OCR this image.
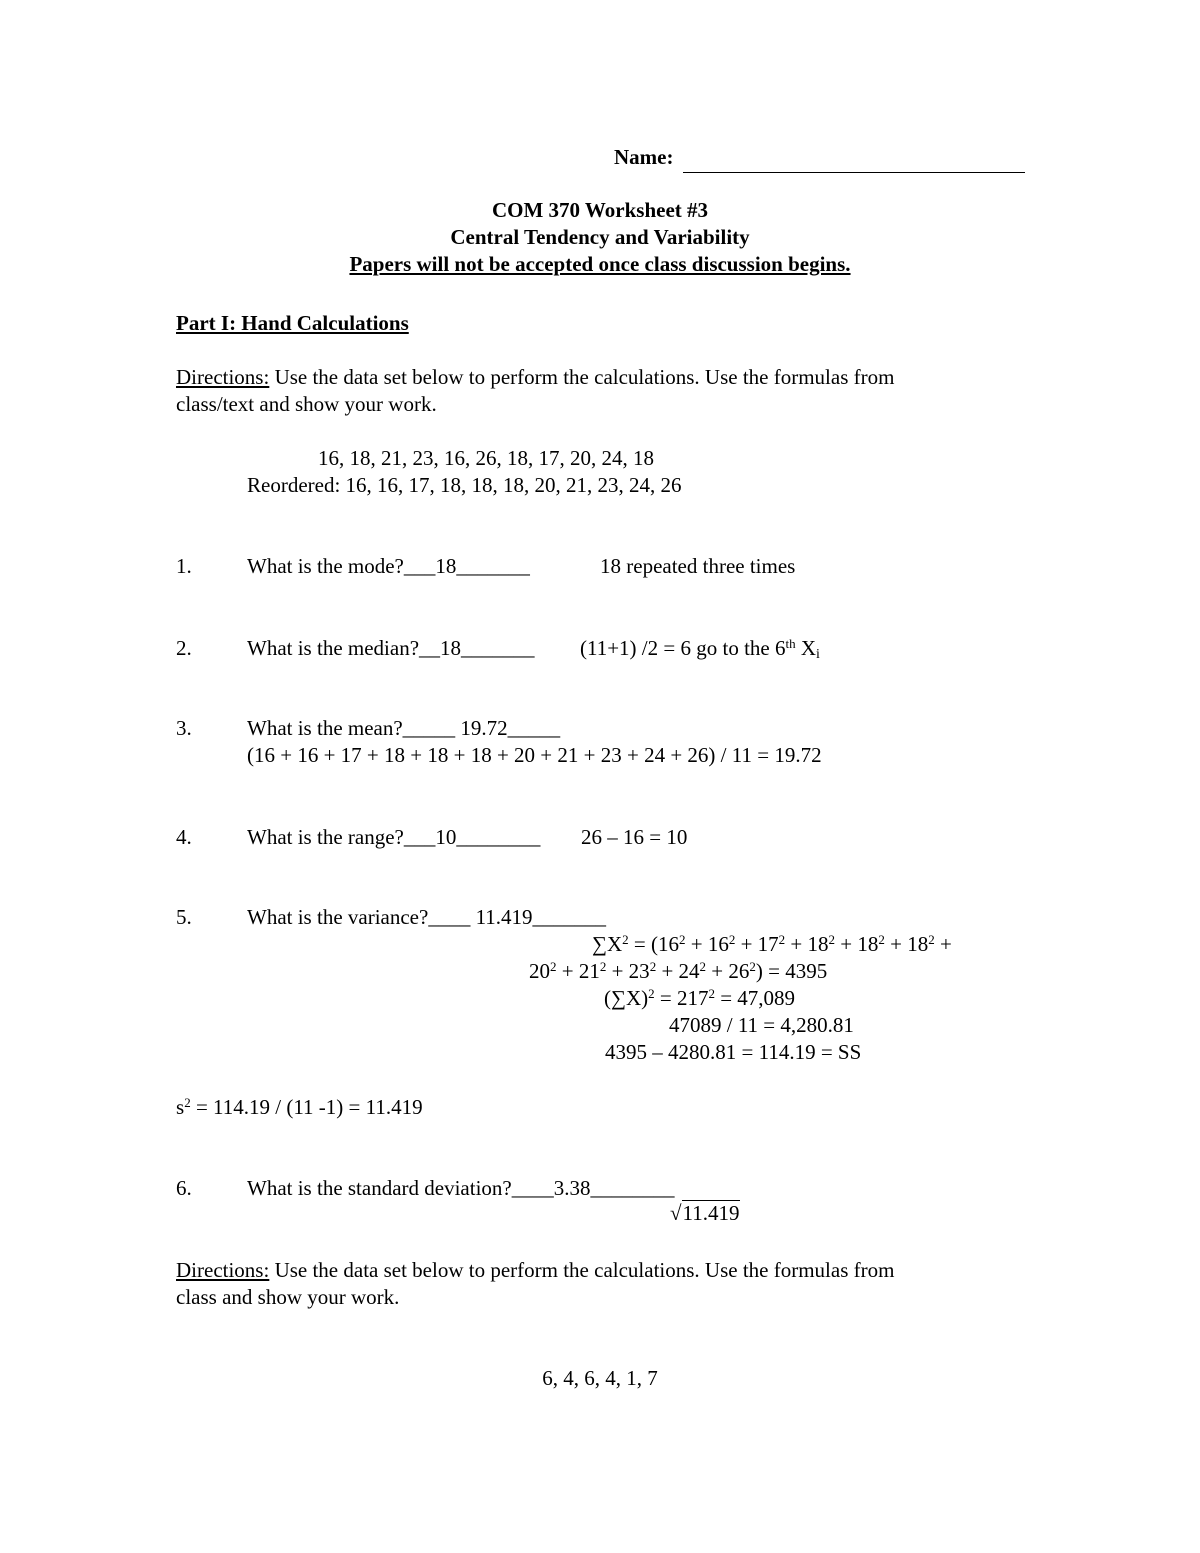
Name:
COM 370 Worksheet #3
Central Tendency and Variability
Papers will not be accepted once class discussion begins.
Part I: Hand Calculations
Directions: Use the data set below to perform the calculations. Use the formulas from
class/text and show your work.
16, 18, 21, 23, 16, 26, 18, 17, 20, 24, 18
Reordered: 16, 16, 17, 18, 18, 18, 20, 21, 23, 24, 26
1.	What is the mode?___18_______	18 repeated three times
2.	What is the median?__18_______ (11+1) /2 = 6 go to the 6th $X_i$
3.	What is the mean?_____ 19.72_____
(16 + 16 + 17 + 18 + 18 + 18 + 20 + 21 + 23 + 24 + 26) / 11 = 19.72
4.	What is the range?___10________ 26 – 16 = 10
5.	What is the variance?____ 11.419_______
$\sum X^2 = (16^2 + 16^2 + 17^2 + 18^2 + 18^2 + 18^2$ +
$20^2 + 21^2 + 23^2 + 24^2 + 26^2) = 4395$
$(\sum X)^2 = 217^2 = 47,089$
47089 / 11 = 4,280.81
4395 – 4280.81 = 114.19 = SS
$s^2 = 114.19 / (11$ -1) = 11.419
6.	What is the standard deviation?____3.38________
√11.419
Directions: Use the data set below to perform the calculations. Use the formulas from
class and show your work.
6, 4, 6, 4, 1, 7
